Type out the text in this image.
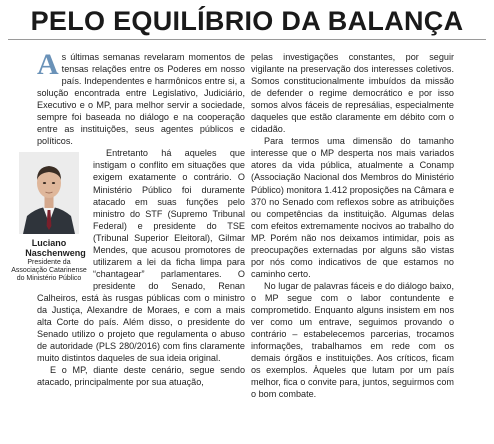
PELO EQUILÍBRIO DA BALANÇA

As últimas semanas revelaram momentos de tensas relações entre os Poderes em nosso país. Independentes e harmônicos entre si, a solução encontrada entre Legislativo, Judiciário, Executivo e o MP, para melhor servir a sociedade, sempre foi baseada no diálogo e na cooperação entre as instituições, seus agentes públicos e políticos.

Luciano
Naschenweng
Presidente da Associação Catarinense do Ministério Público
Entretanto há aqueles que instigam o conflito em situações que exigem exatamente o contrário. O Ministério Público foi duramente atacado em suas funções pelo ministro do STF (Supremo Tribunal Federal) e presidente do TSE (Tribunal Superior Eleitoral), Gilmar Mendes, que acusou promotores de utilizarem a lei da ficha limpa para “chantagear” parlamentares. O presidente do Senado, Renan Calheiros, está às rusgas públicas com o ministro da Justiça, Alexandre de Moraes, e com a mais alta Corte do país. Além disso, o presidente do Senado utilizo o projeto que regulamenta o abuso de autoridade (PLS 280/2016) com fins claramente muito distintos daqueles de sua ideia original.

E o MP, diante deste cenário, segue sendo atacado, principalmente por sua atuação,

pelas investigações constantes, por seguir vigilante na preservação dos interesses coletivos. Somos constitucionalmente imbuídos da missão de defender o regime democrático e por isso somos alvos fáceis de represálias, especialmente daqueles que estão claramente em débito com o cidadão.

Para termos uma dimensão do tamanho interesse que o MP desperta nos mais variados atores da vida pública, atualmente a Conamp (Associação Nacional dos Membros do Ministério Público) monitora 1.412 proposições na Câmara e 370 no Senado com reflexos sobre as atribuições ou competências da instituição. Algumas delas com efeitos extremamente nocivos ao trabalho do MP. Porém não nos deixamos intimidar, pois as preocupações externadas por alguns são vistas por nós como indicativos de que estamos no caminho certo.

No lugar de palavras fáceis e do diálogo baixo, o MP segue com o labor contundente e comprometido. Enquanto alguns insistem em nos ver como um entrave, seguimos provando o contrário – estabelecemos parcerias, trocamos informações, trabalhamos em rede com os demais órgãos e instituições. Aos críticos, ficam os exemplos. Àqueles que lutam por um país melhor, fica o convite para, juntos, seguirmos com o bom combate.
